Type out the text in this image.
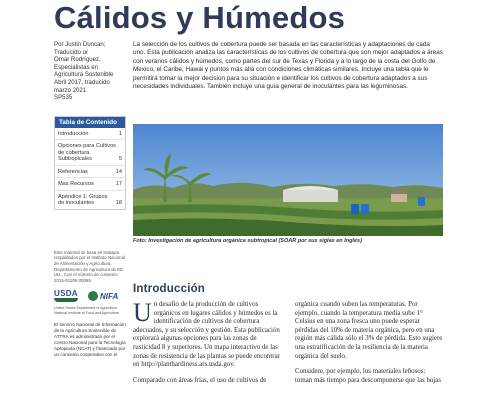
Cálidos y Húmedos
Por Justin Duncan;
Traducido or
Omar Rodríguez,
Especialistas en
Agricultura Sostenible
Abril 2017, traducido
marzo 2021
SP535
Tabla de Contenido
Introducción	1
Opciones para Cultivos de cobertura Subtropicales	5
Referencias	14
Mas Recursos	17
Apéndice 1: Grupos de inoculantes	18
Este material se basa en trabajos respaldados por el Instituto Nacional de Alimentación y Agricultura, Departamento de Agricultura de EE. UU., Con el número de convenio 2015-51106-20085.
USDA	NIFA
United States Department of Agriculture National Institute of Food and Agriculture
El servicio Nacional de Información de la Agricultura Sostenible de ATTRA es administrado por el Centro Nacional para la Tecnología Apropiada (NCAT) y financiado por un convenio cooperativo con el
La selección de los cultivos de cobertura puede ser basada en las características y adaptaciones de cada uno. Esta publicación analiza las características de los cultivos de cobertura que son mejor adaptados a áreas con veranos cálidos y húmedos, como partes del sur de Texas y Florida y a lo largo de la costa del Golfo de Mexico, el Caribe, Hawái y puntos más allá con condiciones climáticas similares. Incluye una tabla que le permitirá tomar la mejor decision para su situación e identificar los cultivos de cobertura adaptados a sus necesidades individuales. También incluye una guía general de inoculantes para las leguminosas.
Foto: Investigación de agricultura orgánica subtropical (SOAR por sus siglas en Inglés)
Introducción

Un desafío de la producción de cultivos orgánicos en lugares cálidos y húmedos es la identificación de cultivos de cobertura adecuados, y su selección y gestión. Esta publicación explorará algunas opciones para las zonas de rusticidad 8 y superiores. Un mapa interactivo de las zonas de resistencia de las plantas se puede encontrar en http://planthardiness.ars.usda.gov.

Comparado con áreas frías, el uso de cultivos de

orgánica cuando suben las temperaturas. Por ejemplo, cuando la temperatura media sube 1° Celsius en una zona fresca uno puede esperar pérdidas del 10% de materia orgánica, pero en una región más cálida sólo el 3% de pérdida. Esto sugiere una estratificación de la resiliencia de la materia orgánica del suelo.

Considere, por ejemplo, los materiales leñosos: toman más tiempo para descomponerse que las hojas
